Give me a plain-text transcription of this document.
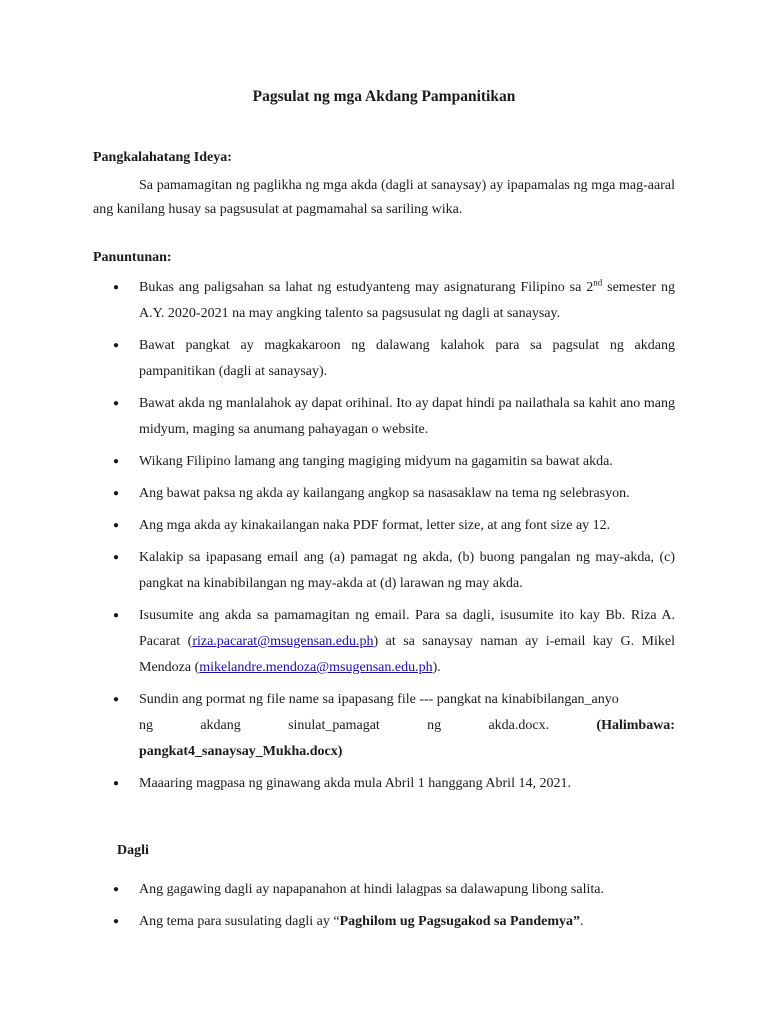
Pagsulat ng mga Akdang Pampanitikan
Pangkalahatang Ideya:
Sa pamamagitan ng paglikha ng mga akda (dagli at sanaysay) ay ipapamalas ng mga mag-aaral ang kanilang husay sa pagsusulat at pagmamahal sa sariling wika.
Panuntunan:
● Bukas ang paligsahan sa lahat ng estudyanteng may asignaturang Filipino sa 2nd semester ng A.Y. 2020-2021 na may angking talento sa pagsusulat ng dagli at sanaysay.
● Bawat pangkat ay magkakaroon ng dalawang kalahok para sa pagsulat ng akdang pampanitikan (dagli at sanaysay).
● Bawat akda ng manlalahok ay dapat orihinal. Ito ay dapat hindi pa nailathala sa kahit ano mang midyum, maging sa anumang pahayagan o website.
● Wikang Filipino lamang ang tanging magiging midyum na gagamitin sa bawat akda.
● Ang bawat paksa ng akda ay kailangang angkop sa nasasaklaw na tema ng selebrasyon.
● Ang mga akda ay kinakailangan naka PDF format, letter size, at ang font size ay 12.
● Kalakip sa ipapasang email ang (a) pamagat ng akda, (b) buong pangalan ng may-akda, (c) pangkat na kinabibilangan ng may-akda at (d) larawan ng may akda.
● Isusumite ang akda sa pamamagitan ng email. Para sa dagli, isusumite ito kay Bb. Riza A. Pacarat (riza.pacarat@msugensan.edu.ph) at sa sanaysay naman ay i-email kay G. Mikel Mendoza (mikelandre.mendoza@msugensan.edu.ph).
● Sundin ang pormat ng file name sa ipapasang file --- pangkat na kinabibilangan_anyo
ng	akdang	sinulat_pamagat	ng	akda.docx.	(Halimbawa:
pangkat4_sanaysay_Mukha.docx)
● Maaaring magpasa ng ginawang akda mula Abril 1 hanggang Abril 14, 2021.
Dagli
● Ang gagawing dagli ay napapanahon at hindi lalagpas sa dalawapung libong salita.
● Ang tema para susulating dagli ay “Paghilom ug Pagsugakod sa Pandemya”.
